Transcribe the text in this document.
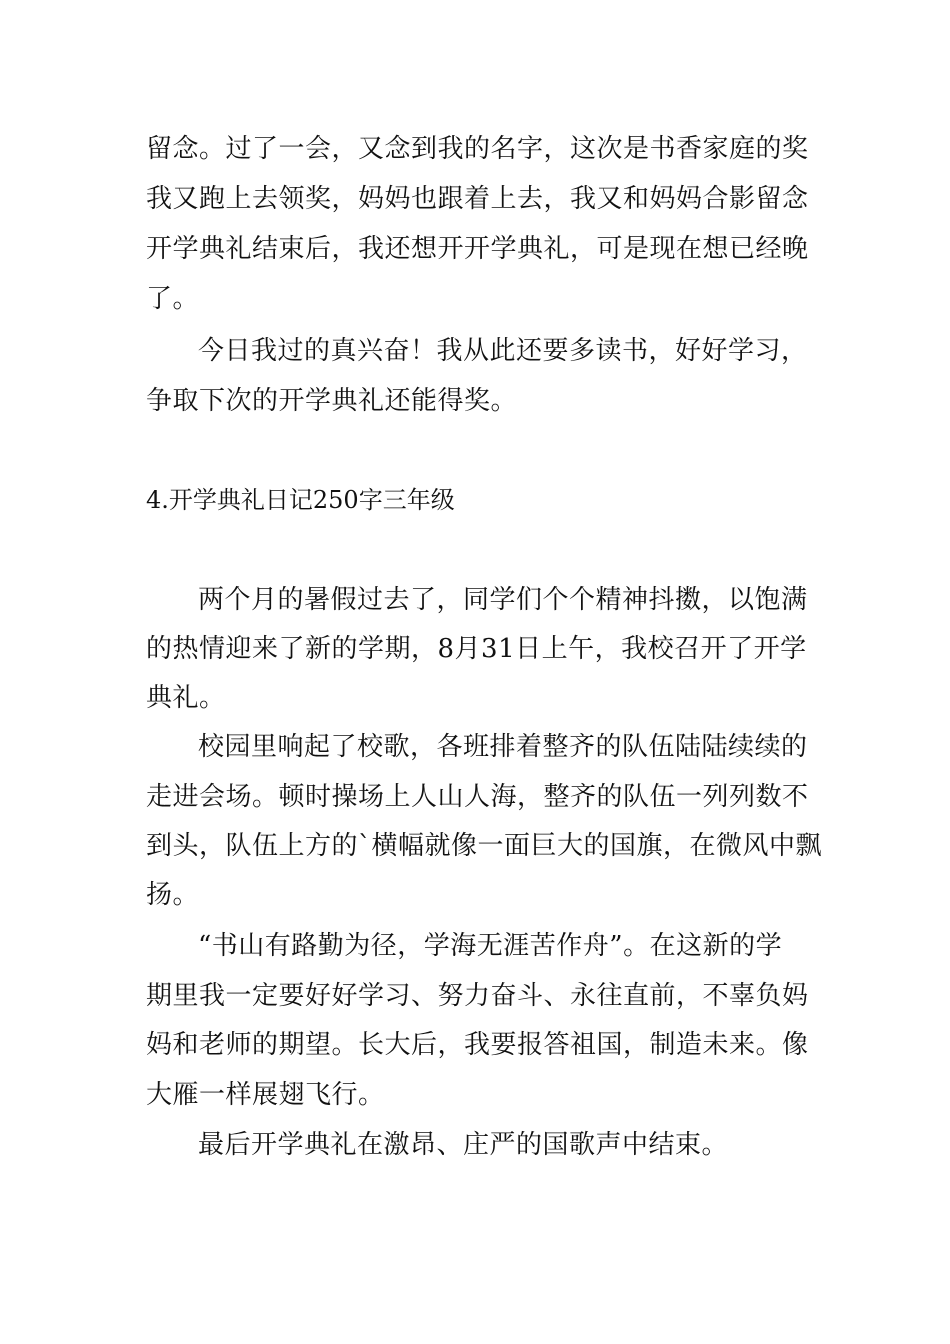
留念。过了一会，又念到我的名字，这次是书香家庭的奖
我又跑上去领奖，妈妈也跟着上去，我又和妈妈合影留念
开学典礼结束后，我还想开开学典礼，可是现在想已经晚
了。
今日我过的真兴奋！我从此还要多读书，好好学习，
争取下次的开学典礼还能得奖。
4.开学典礼日记250字三年级
两个月的暑假过去了，同学们个个精神抖擞，以饱满
的热情迎来了新的学期，8月31日上午，我校召开了开学
典礼。
校园里响起了校歌，各班排着整齐的队伍陆陆续续的
走进会场。顿时操场上人山人海，整齐的队伍一列列数不
到头，队伍上方的`横幅就像一面巨大的国旗，在微风中飘
扬。
“书山有路勤为径，学海无涯苦作舟”。在这新的学
期里我一定要好好学习、努力奋斗、永往直前，不辜负妈
妈和老师的期望。长大后，我要报答祖国，制造未来。像
大雁一样展翅飞行。
最后开学典礼在激昂、庄严的国歌声中结束。
